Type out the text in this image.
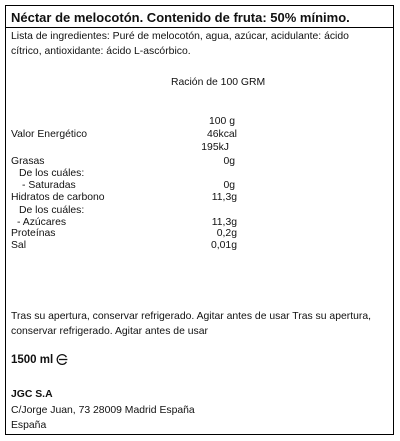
Néctar de melocotón. Contenido de fruta: 50% mínimo.
Lista de ingredientes: Puré de melocotón, agua, azúcar, acidulante: ácido cítrico, antioxidante: ácido L-ascórbico.
Ración de 100 GRM
100 g
Valor Energético	46kcal
195kJ
Grasas	0g
De los cuáles:
- Saturadas	0g
Hidratos de carbono	11,3g
De los cuáles:
- Azúcares	11,3g
Proteínas	0,2g
Sal	0,01g
Tras su apertura, conservar refrigerado. Agitar antes de usar Tras su apertura, conservar refrigerado. Agitar antes de usar
1500 ml
JGC S.A
C/Jorge Juan, 73 28009 Madrid España
España
